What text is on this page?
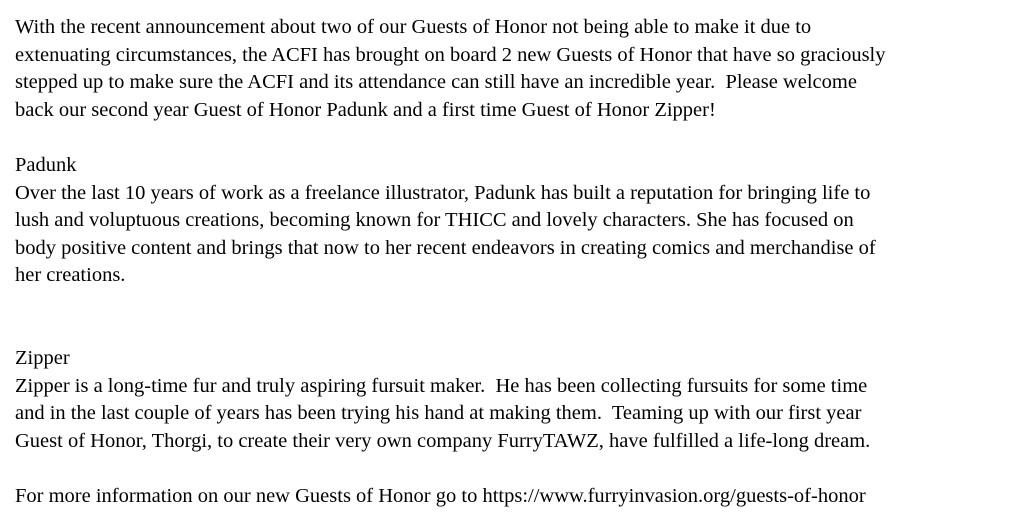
With the recent announcement about two of our Guests of Honor not being able to make it due to

extenuating circumstances, the ACFI has brought on board 2 new Guests of Honor that have so graciously

stepped up to make sure the ACFI and its attendance can still have an incredible year.  Please welcome

back our second year Guest of Honor Padunk and a first time Guest of Honor Zipper!

Padunk

Over the last 10 years of work as a freelance illustrator, Padunk has built a reputation for bringing life to

lush and voluptuous creations, becoming known for THICC and lovely characters. She has focused on

body positive content and brings that now to her recent endeavors in creating comics and merchandise of

her creations.

Zipper

Zipper is a long-time fur and truly aspiring fursuit maker.  He has been collecting fursuits for some time

and in the last couple of years has been trying his hand at making them.  Teaming up with our first year

Guest of Honor, Thorgi, to create their very own company FurryTAWZ, have fulfilled a life-long dream.

For more information on our new Guests of Honor go to https://www.furryinvasion.org/guests-of-honor
